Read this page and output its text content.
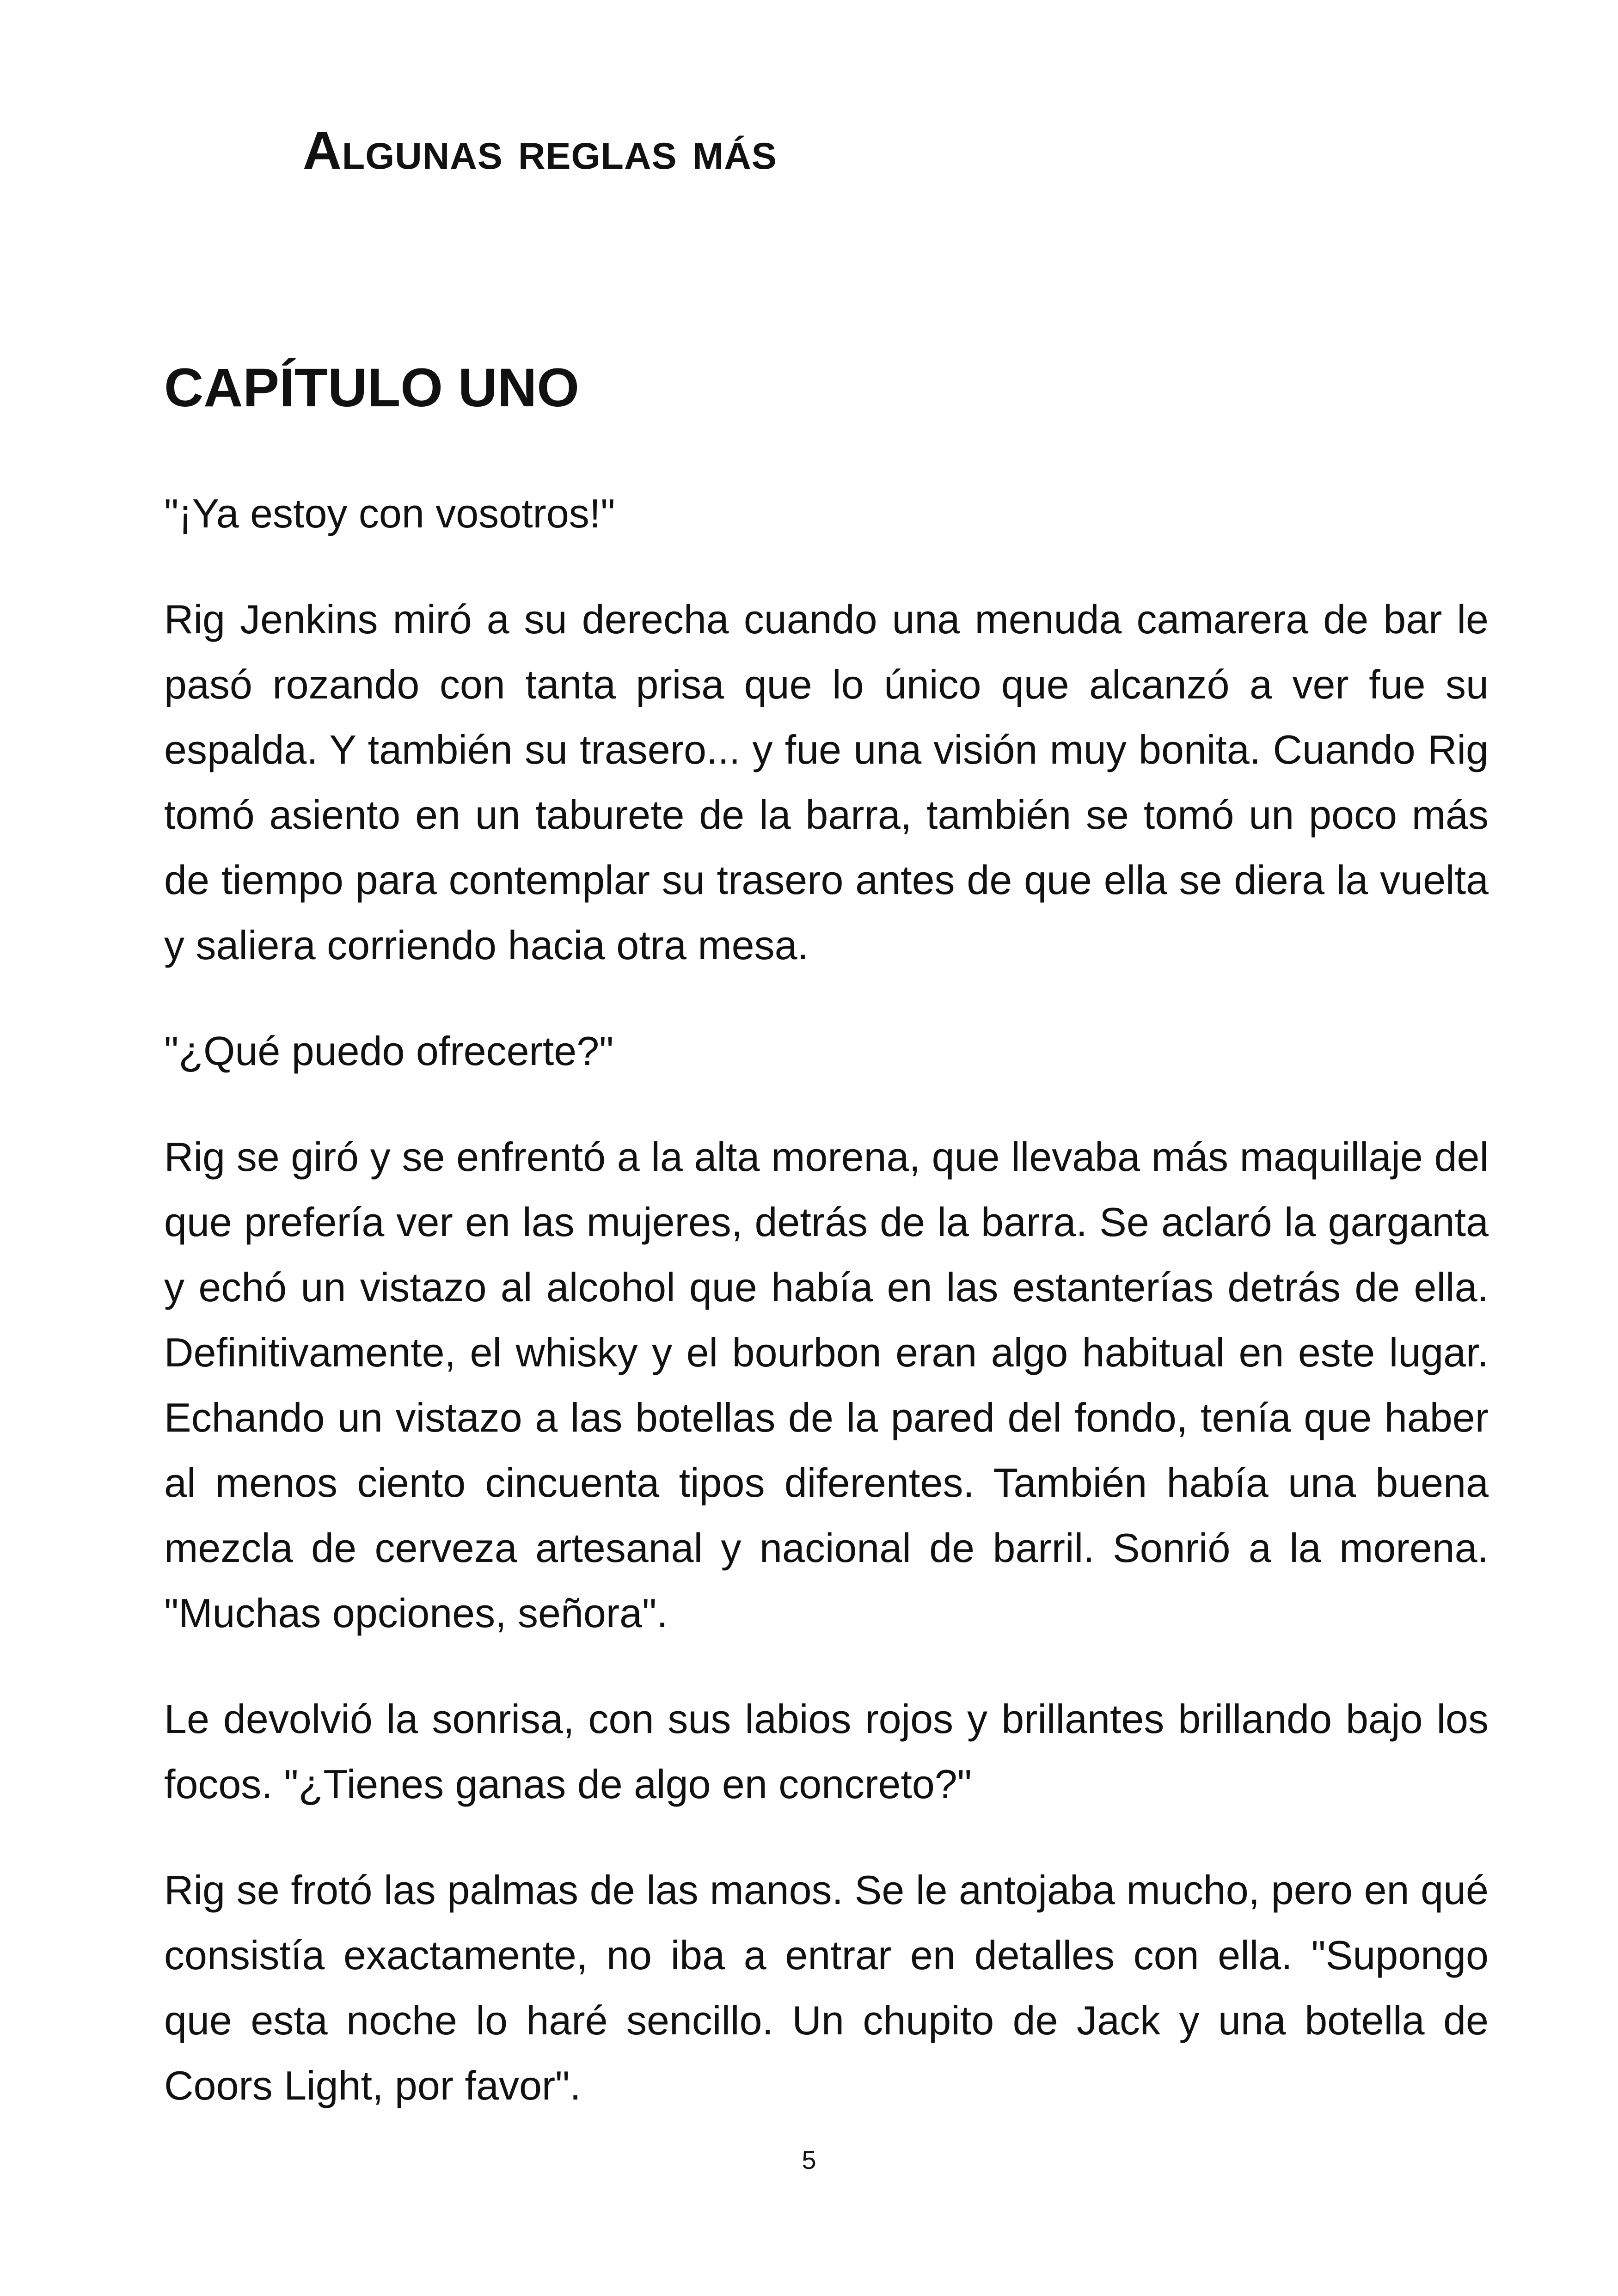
Algunas reglas más
CAPÍTULO UNO

"¡Ya estoy con vosotros!"

Rig Jenkins miró a su derecha cuando una menuda camarera de bar le pasó rozando con tanta prisa que lo único que alcanzó a ver fue su espalda. Y también su trasero... y fue una visión muy bonita. Cuando Rig tomó asiento en un taburete de la barra, también se tomó un poco más de tiempo para contemplar su trasero antes de que ella se diera la vuelta y saliera corriendo hacia otra mesa.

"¿Qué puedo ofrecerte?"

Rig se giró y se enfrentó a la alta morena, que llevaba más maquillaje del que prefería ver en las mujeres, detrás de la barra. Se aclaró la garganta y echó un vistazo al alcohol que había en las estanterías detrás de ella. Definitivamente, el whisky y el bourbon eran algo habitual en este lugar. Echando un vistazo a las botellas de la pared del fondo, tenía que haber al menos ciento cincuenta tipos diferentes. También había una buena mezcla de cerveza artesanal y nacional de barril. Sonrió a la morena. "Muchas opciones, señora".

Le devolvió la sonrisa, con sus labios rojos y brillantes brillando bajo los focos. "¿Tienes ganas de algo en concreto?"

Rig se frotó las palmas de las manos. Se le antojaba mucho, pero en qué consistía exactamente, no iba a entrar en detalles con ella. "Supongo que esta noche lo haré sencillo. Un chupito de Jack y una botella de Coors Light, por favor".

5
